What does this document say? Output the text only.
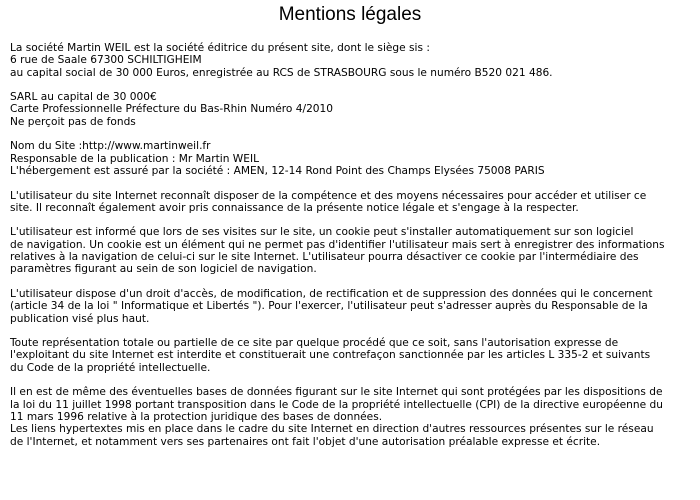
Mentions légales

La société Martin WEIL est la société éditrice du présent site, dont le siège sis :
6 rue de Saale 67300 SCHILTIGHEIM
au capital social de 30 000 Euros, enregistrée au RCS de STRASBOURG sous le numéro B520 021 486.

SARL au capital de 30 000€
Carte Professionnelle Préfecture du Bas-Rhin Numéro 4/2010
Ne perçoit pas de fonds

Nom du Site :http://www.martinweil.fr
Responsable de la publication : Mr Martin WEIL
L'hébergement est assuré par la société : AMEN, 12-14 Rond Point des Champs Elysées 75008 PARIS

L'utilisateur du site Internet reconnaît disposer de la compétence et des moyens nécessaires pour accéder et utiliser ce
site. Il reconnaît également avoir pris connaissance de la présente notice légale et s'engage à la respecter.

L'utilisateur est informé que lors de ses visites sur le site, un cookie peut s'installer automatiquement sur son logiciel
de navigation. Un cookie est un élément qui ne permet pas d'identifier l'utilisateur mais sert à enregistrer des informations
relatives à la navigation de celui-ci sur le site Internet. L'utilisateur pourra désactiver ce cookie par l'intermédiaire des
paramètres figurant au sein de son logiciel de navigation.

L'utilisateur dispose d'un droit d'accès, de modification, de rectification et de suppression des données qui le concernent
(article 34 de la loi " Informatique et Libertés "). Pour l'exercer, l'utilisateur peut s'adresser auprès du Responsable de la
publication visé plus haut.

Toute représentation totale ou partielle de ce site par quelque procédé que ce soit, sans l'autorisation expresse de
l'exploitant du site Internet est interdite et constituerait une contrefaçon sanctionnée par les articles L 335-2 et suivants
du Code de la propriété intellectuelle.

Il en est de même des éventuelles bases de données figurant sur le site Internet qui sont protégées par les dispositions de
la loi du 11 juillet 1998 portant transposition dans le Code de la propriété intellectuelle (CPI) de la directive européenne du
11 mars 1996 relative à la protection juridique des bases de données.
Les liens hypertextes mis en place dans le cadre du site Internet en direction d'autres ressources présentes sur le réseau
de l'Internet, et notamment vers ses partenaires ont fait l'objet d'une autorisation préalable expresse et écrite.
